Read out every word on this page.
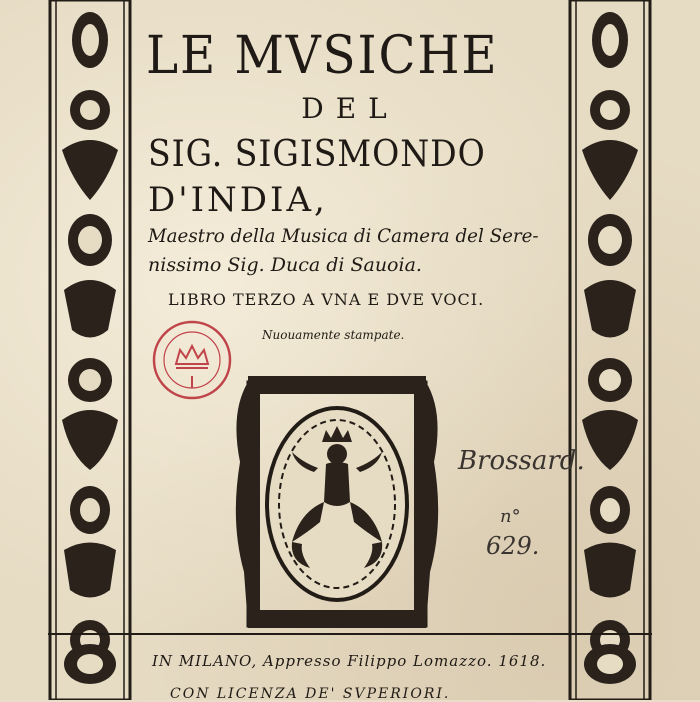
LE MVSICHE
DEL
SIG. SIGISMONDO
D'INDIA,
Maestro della Musica di Camera del Sere-
nissimo Sig. Duca di Sauoia.
LIBRO TERZO A VNA E DVE VOCI.
Nuouamente stampate.
Brossard.
n°
629.
IN MILANO, Appresso Filippo Lomazzo. 1618.
CON LICENZA DE' SVPERIORI.
